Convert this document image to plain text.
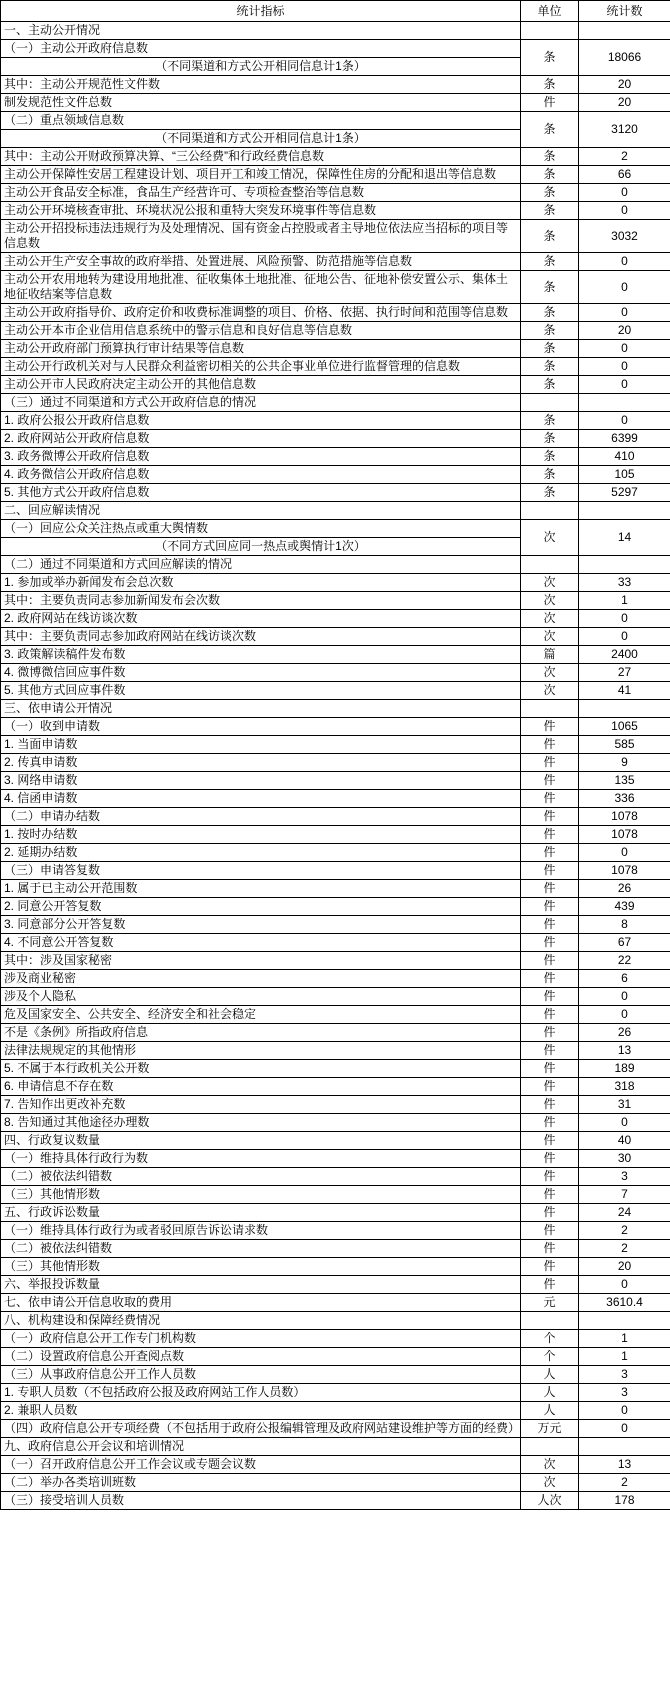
统计指标	单位	统计数
一、主动公开情况		
（一）主动公开政府信息数	条	18066
（不同渠道和方式公开相同信息计1条）		
其中：主动公开规范性文件数	条	20
制发规范性文件总数	件	20
（二）重点领域信息数	条	3120
（不同渠道和方式公开相同信息计1条）		
其中：主动公开财政预算决算、“三公经费”和行政经费信息数	条	2
主动公开保障性安居工程建设计划、项目开工和竣工情况，保障性住房的分配和退出等信息数	条	66
主动公开食品安全标准，食品生产经营许可、专项检查整治等信息数	条	0
主动公开环境核查审批、环境状况公报和重特大突发环境事件等信息数	条	0
主动公开招投标违法违规行为及处理情况、国有资金占控股或者主导地位依法应当招标的项目等信息数	条	3032
主动公开生产安全事故的政府举措、处置进展、风险预警、防范措施等信息数	条	0
主动公开农用地转为建设用地批准、征收集体土地批准、征地公告、征地补偿安置公示、集体土地征收结案等信息数	条	0
主动公开政府指导价、政府定价和收费标准调整的项目、价格、依据、执行时间和范围等信息数	条	0
主动公开本市企业信用信息系统中的警示信息和良好信息等信息数	条	20
主动公开政府部门预算执行审计结果等信息数	条	0
主动公开行政机关对与人民群众利益密切相关的公共企事业单位进行监督管理的信息数	条	0
主动公开市人民政府决定主动公开的其他信息数	条	0
（三）通过不同渠道和方式公开政府信息的情况		
1. 政府公报公开政府信息数	条	0
2. 政府网站公开政府信息数	条	6399
3. 政务微博公开政府信息数	条	410
4. 政务微信公开政府信息数	条	105
5. 其他方式公开政府信息数	条	5297
二、回应解读情况		
（一）回应公众关注热点或重大舆情数	次	14
（不同方式回应同一热点或舆情计1次）		
（二）通过不同渠道和方式回应解读的情况		
1. 参加或举办新闻发布会总次数	次	33
其中：主要负责同志参加新闻发布会次数	次	1
2. 政府网站在线访谈次数	次	0
其中：主要负责同志参加政府网站在线访谈次数	次	0
3. 政策解读稿件发布数	篇	2400
4. 微博微信回应事件数	次	27
5. 其他方式回应事件数	次	41
三、依申请公开情况		
（一）收到申请数	件	1065
1. 当面申请数	件	585
2. 传真申请数	件	9
3. 网络申请数	件	135
4. 信函申请数	件	336
（二）申请办结数	件	1078
1. 按时办结数	件	1078
2. 延期办结数	件	0
（三）申请答复数	件	1078
1. 属于已主动公开范围数	件	26
2. 同意公开答复数	件	439
3. 同意部分公开答复数	件	8
4. 不同意公开答复数	件	67
其中：涉及国家秘密	件	22
涉及商业秘密	件	6
涉及个人隐私	件	0
危及国家安全、公共安全、经济安全和社会稳定	件	0
不是《条例》所指政府信息	件	26
法律法规规定的其他情形	件	13
5. 不属于本行政机关公开数	件	189
6. 申请信息不存在数	件	318
7. 告知作出更改补充数	件	31
8. 告知通过其他途径办理数	件	0
四、行政复议数量	件	40
（一）维持具体行政行为数	件	30
（二）被依法纠错数	件	3
（三）其他情形数	件	7
五、行政诉讼数量	件	24
（一）维持具体行政行为或者驳回原告诉讼请求数	件	2
（二）被依法纠错数	件	2
（三）其他情形数	件	20
六、举报投诉数量	件	0
七、依申请公开信息收取的费用	元	3610.4
八、机构建设和保障经费情况		
（一）政府信息公开工作专门机构数	个	1
（二）设置政府信息公开查阅点数	个	1
（三）从事政府信息公开工作人员数	人	3
1. 专职人员数（不包括政府公报及政府网站工作人员数）	人	3
2. 兼职人员数	人	0
（四）政府信息公开专项经费（不包括用于政府公报编辑管理及政府网站建设维护等方面的经费）	万元	0
九、政府信息公开会议和培训情况		
（一）召开政府信息公开工作会议或专题会议数	次	13
（二）举办各类培训班数	次	2
（三）接受培训人员数	人次	178
